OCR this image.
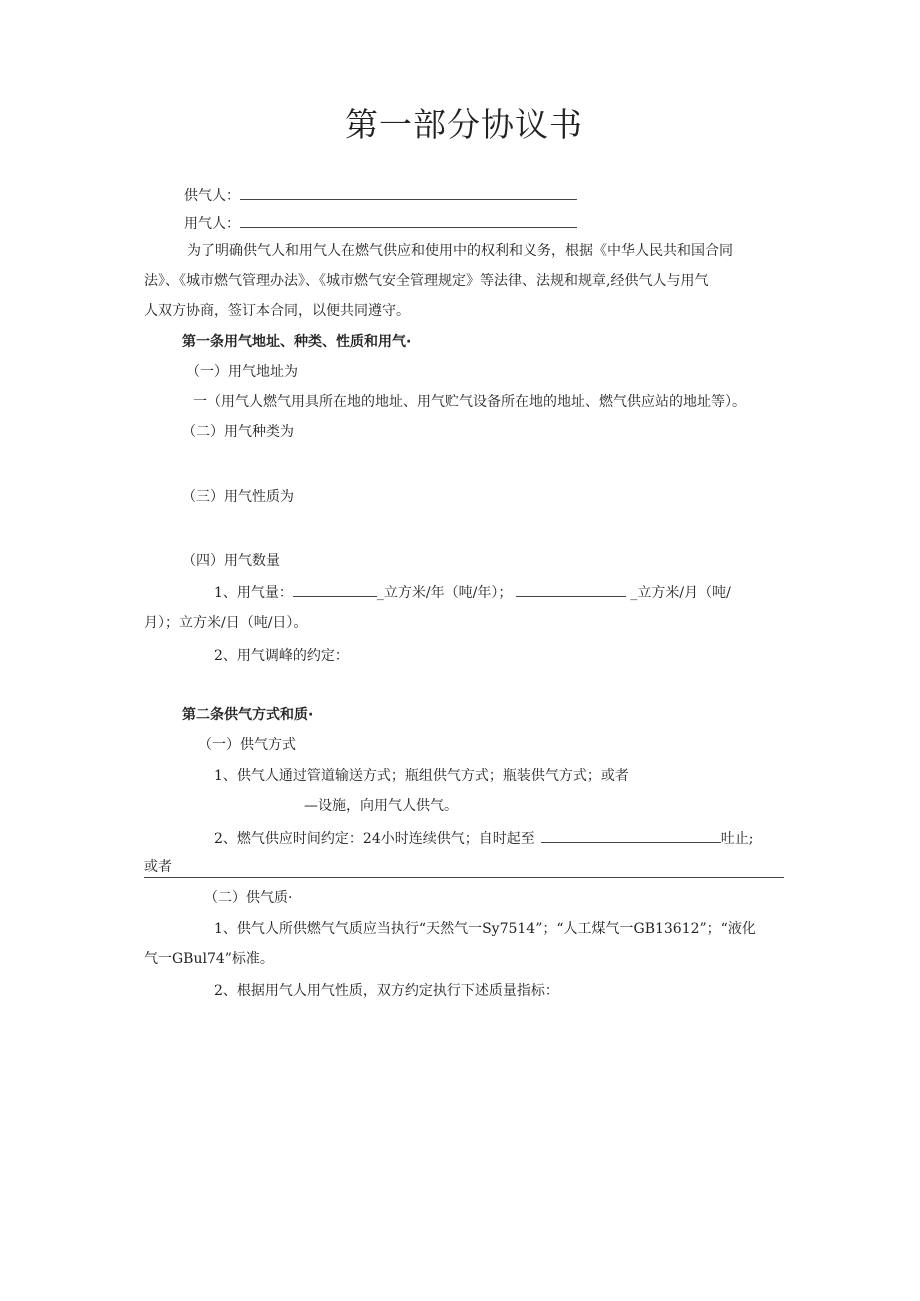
第一部分协议书
供气人：
用气人：
为了明确供气人和用气人在燃气供应和使用中的权利和义务，根据《中华人民共和国合同
法》、《城市燃气管理办法》、《城市燃气安全管理规定》等法律、法规和规章,经供气人与用气
人双方协商，签订本合同，以便共同遵守。
第一条用气地址、种类、性质和用气·
（一）用气地址为
一（用气人燃气用具所在地的地址、用气贮气设备所在地的地址、燃气供应站的地址等）。
（二）用气种类为
（三）用气性质为
（四）用气数量
1、用气量：	_立方米/年（吨/年）；	_立方米/月（吨/
月）；立方米/日（吨/日）。
2、用气调峰的约定：
第二条供气方式和质·
（一）供气方式
1、供气人通过管道输送方式；瓶组供气方式；瓶装供气方式；或者
—设施，向用气人供气。
2、燃气供应时间约定：24小时连续供气；自时起至	吐止;
或者
（二）供气质·
1、供气人所供燃气气质应当执行“天然气一Sy7514”；“人工煤气一GB13612”；“液化
气一GBul74”标准。
2、根据用气人用气性质，双方约定执行下述质量指标：
